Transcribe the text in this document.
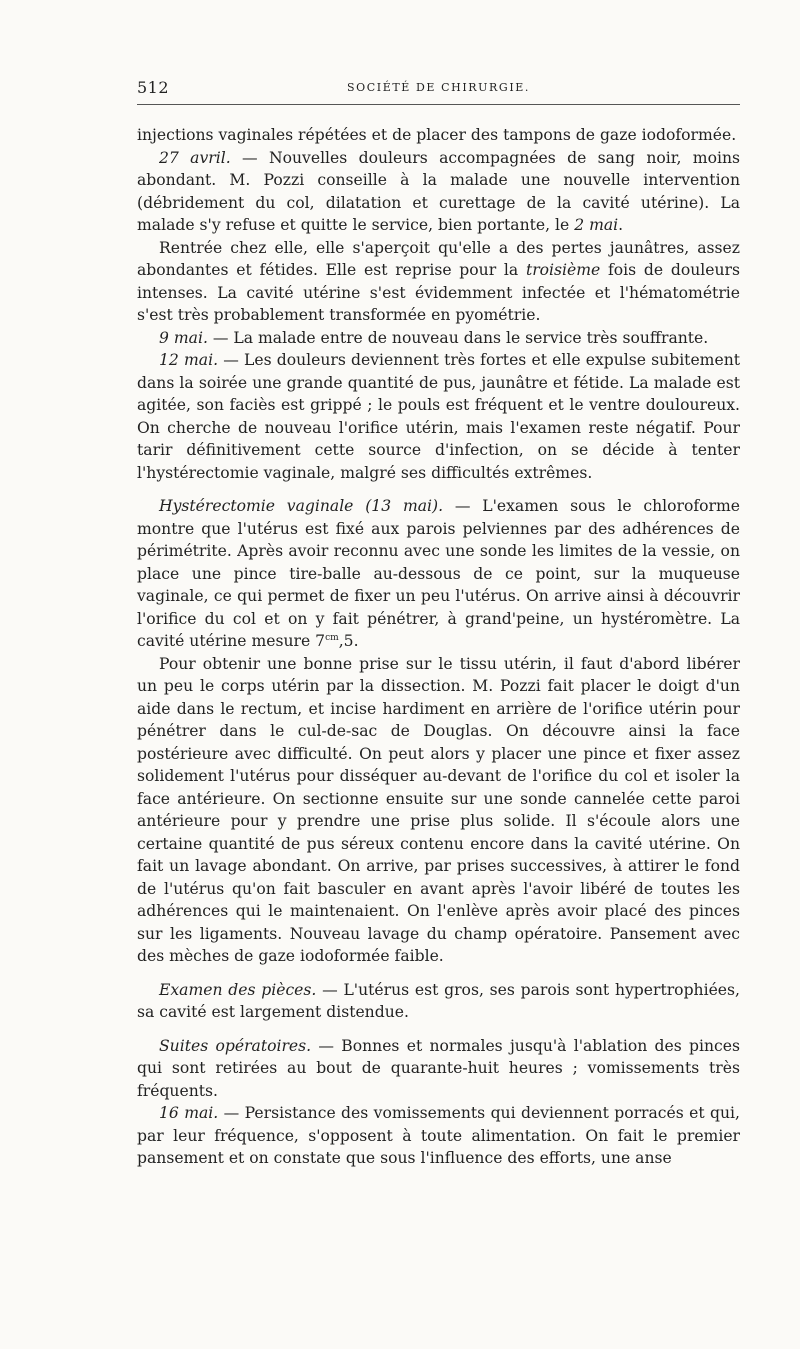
512	SOCIÉTÉ DE CHIRURGIE.

injections vaginales répétées et de placer des tampons de gaze iodoformée.

27 avril. — Nouvelles douleurs accompagnées de sang noir, moins abondant. M. Pozzi conseille à la malade une nouvelle intervention (débridement du col, dilatation et curettage de la cavité utérine). La malade s'y refuse et quitte le service, bien portante, le 2 mai.

Rentrée chez elle, elle s'aperçoit qu'elle a des pertes jaunâtres, assez abondantes et fétides. Elle est reprise pour la troisième fois de douleurs intenses. La cavité utérine s'est évidemment infectée et l'hématométrie s'est très probablement transformée en pyométrie.

9 mai. — La malade entre de nouveau dans le service très souffrante.

12 mai. — Les douleurs deviennent très fortes et elle expulse subitement dans la soirée une grande quantité de pus, jaunâtre et fétide. La malade est agitée, son faciès est grippé ; le pouls est fréquent et le ventre douloureux. On cherche de nouveau l'orifice utérin, mais l'examen reste négatif. Pour tarir définitivement cette source d'infection, on se décide à tenter l'hystérectomie vaginale, malgré ses difficultés extrêmes.

Hystérectomie vaginale (13 mai). — L'examen sous le chloroforme montre que l'utérus est fixé aux parois pelviennes par des adhérences de périmétrite. Après avoir reconnu avec une sonde les limites de la vessie, on place une pince tire-balle au-dessous de ce point, sur la muqueuse vaginale, ce qui permet de fixer un peu l'utérus. On arrive ainsi à découvrir l'orifice du col et on y fait pénétrer, à grand'peine, un hystéromètre. La cavité utérine mesure $7^{cm},5$.

Pour obtenir une bonne prise sur le tissu utérin, il faut d'abord libérer un peu le corps utérin par la dissection. M. Pozzi fait placer le doigt d'un aide dans le rectum, et incise hardiment en arrière de l'orifice utérin pour pénétrer dans le cul-de-sac de Douglas. On découvre ainsi la face postérieure avec difficulté. On peut alors y placer une pince et fixer assez solidement l'utérus pour disséquer au-devant de l'orifice du col et isoler la face antérieure. On sectionne ensuite sur une sonde cannelée cette paroi antérieure pour y prendre une prise plus solide. Il s'écoule alors une certaine quantité de pus séreux contenu encore dans la cavité utérine. On fait un lavage abondant. On arrive, par prises successives, à attirer le fond de l'utérus qu'on fait basculer en avant après l'avoir libéré de toutes les adhérences qui le maintenaient. On l'enlève après avoir placé des pinces sur les ligaments. Nouveau lavage du champ opératoire. Pansement avec des mèches de gaze iodoformée faible.

Examen des pièces. — L'utérus est gros, ses parois sont hypertrophiées, sa cavité est largement distendue.

Suites opératoires. — Bonnes et normales jusqu'à l'ablation des pinces qui sont retirées au bout de quarante-huit heures ; vomissements très fréquents.

16 mai. — Persistance des vomissements qui deviennent porracés et qui, par leur fréquence, s'opposent à toute alimentation. On fait le premier pansement et on constate que sous l'influence des efforts, une anse
